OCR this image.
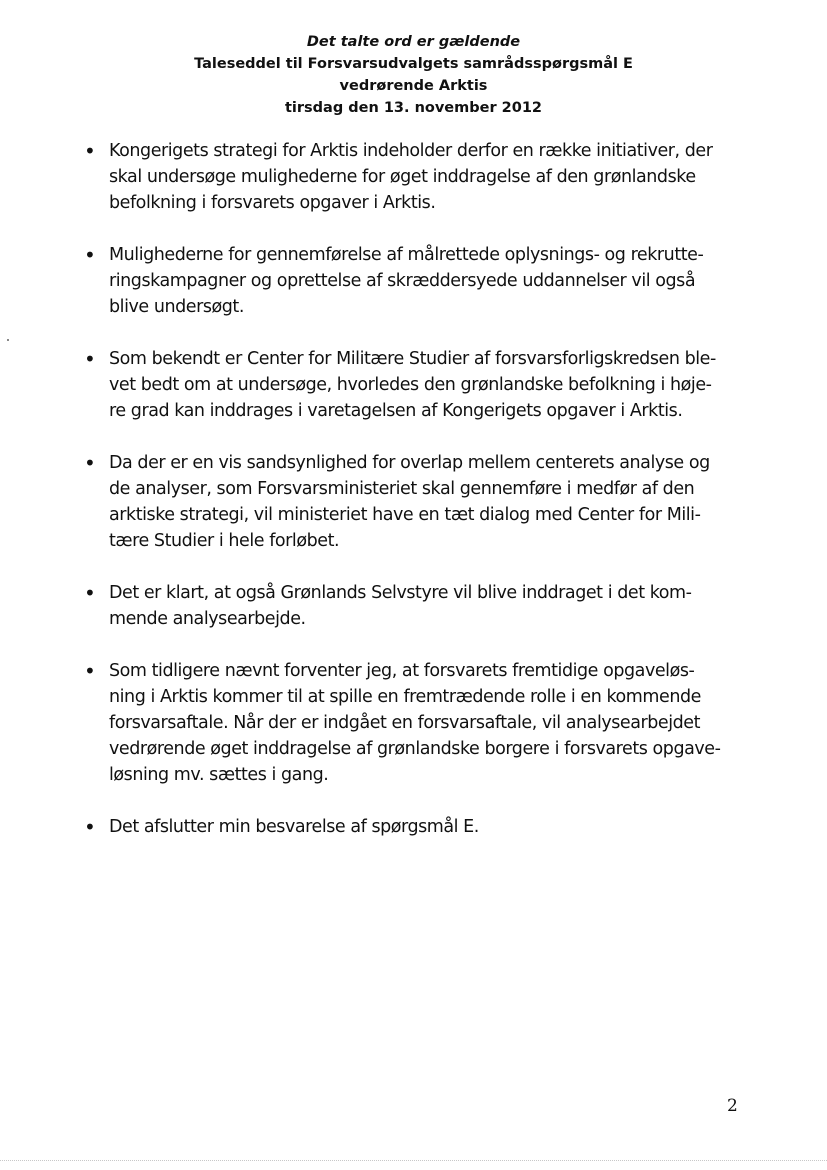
Det talte ord er gældende
Taleseddel til Forsvarsudvalgets samrådsspørgsmål E
vedrørende Arktis
tirsdag den 13. november 2012
• Kongerigets strategi for Arktis indeholder derfor en række initiativer, der
skal undersøge mulighederne for øget inddragelse af den grønlandske
befolkning i forsvarets opgaver i Arktis.
• Mulighederne for gennemførelse af målrettede oplysnings- og rekrutte-
ringskampagner og oprettelse af skræddersyede uddannelser vil også
blive undersøgt.
• Som bekendt er Center for Militære Studier af forsvarsforligskredsen ble-
vet bedt om at undersøge, hvorledes den grønlandske befolkning i høje-
re grad kan inddrages i varetagelsen af Kongerigets opgaver i Arktis.
• Da der er en vis sandsynlighed for overlap mellem centerets analyse og
de analyser, som Forsvarsministeriet skal gennemføre i medfør af den
arktiske strategi, vil ministeriet have en tæt dialog med Center for Mili-
tære Studier i hele forløbet.
• Det er klart, at også Grønlands Selvstyre vil blive inddraget i det kom-
mende analysearbejde.
• Som tidligere nævnt forventer jeg, at forsvarets fremtidige opgaveløs-
ning i Arktis kommer til at spille en fremtrædende rolle i en kommende
forsvarsaftale. Når der er indgået en forsvarsaftale, vil analysearbejdet
vedrørende øget inddragelse af grønlandske borgere i forsvarets opgave-
løsning mv. sættes i gang.
• Det afslutter min besvarelse af spørgsmål E.
2
